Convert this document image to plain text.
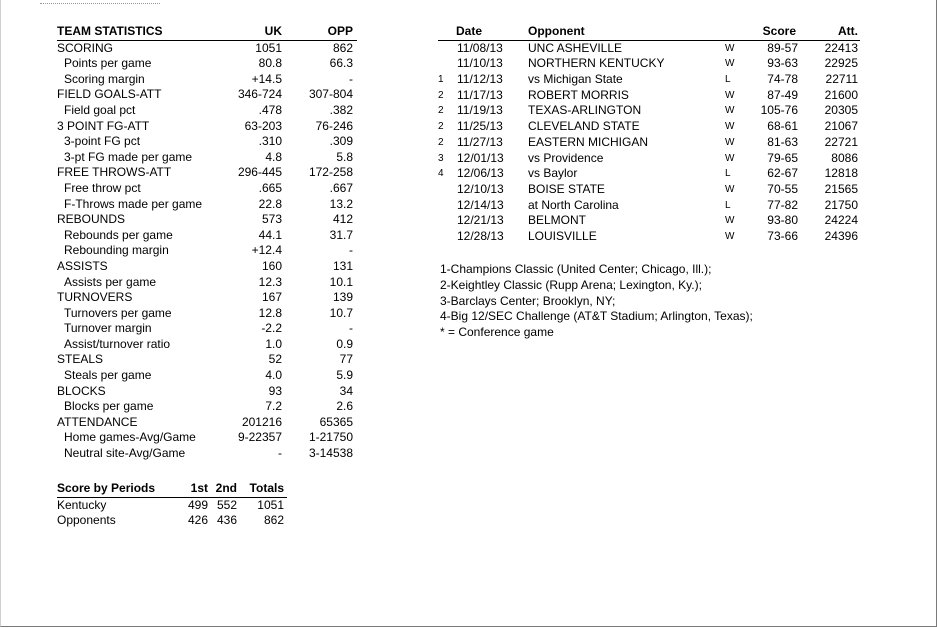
TEAM STATISTICS	UK	OPP
SCORING	1051	862
Points per game	80.8	66.3
Scoring margin	+14.5	-
FIELD GOALS-ATT	346-724 307-804
Field goal pct	.478	.382
3 POINT FG-ATT	63-203	76-246
3-point FG pct	.310	.309
3-pt FG made per game	4.8	5.8
FREE THROWS-ATT	296-445 172-258
Free throw pct	.665	.667
F-Throws made per game	22.8	13.2
REBOUNDS	573	412
Rebounds per game	44.1	31.7
Rebounding margin	+12.4	-
ASSISTS	160	131
Assists per game	12.3	10.1
TURNOVERS	167	139
Turnovers per game	12.8	10.7
Turnover margin	-2.2	-
Assist/turnover ratio	1.0	0.9
STEALS	52	77
Steals per game	4.0	5.9
BLOCKS	93	34
Blocks per game	7.2	2.6
ATTENDANCE	201216	65365
Home games-Avg/Game	9-22357 1-21750
Neutral site-Avg/Game	- 3-14538
Score by Periods	1st 2nd Totals
Kentucky	499 552 1051
Opponents	426 436 862
Date	Opponent	Score	Att.
11/08/13 UNC ASHEVILLE	W	89-57 22413
11/10/13 NORTHERN KENTUCKY	W	93-63 22925
1 11/12/13 vs Michigan State	L	74-78 22711
2 11/17/13 ROBERT MORRIS	W	87-49 21600
2 11/19/13 TEXAS-ARLINGTON	W 105-76 20305
2 11/25/13 CLEVELAND STATE	W	68-61 21067
2 11/27/13 EASTERN MICHIGAN	W	81-63 22721
3 12/01/13 vs Providence	W	79-65	8086
4 12/06/13 vs Baylor	L	62-67 12818
12/10/13 BOISE STATE	W	70-55 21565
12/14/13 at North Carolina	L	77-82 21750
12/21/13 BELMONT	W	93-80 24224
12/28/13 LOUISVILLE	W	73-66 24396
1-Champions Classic (United Center; Chicago, Ill.);
2-Keightley Classic (Rupp Arena; Lexington, Ky.);
3-Barclays Center; Brooklyn, NY;
4-Big 12/SEC Challenge (AT&T Stadium; Arlington, Texas);
* = Conference game
